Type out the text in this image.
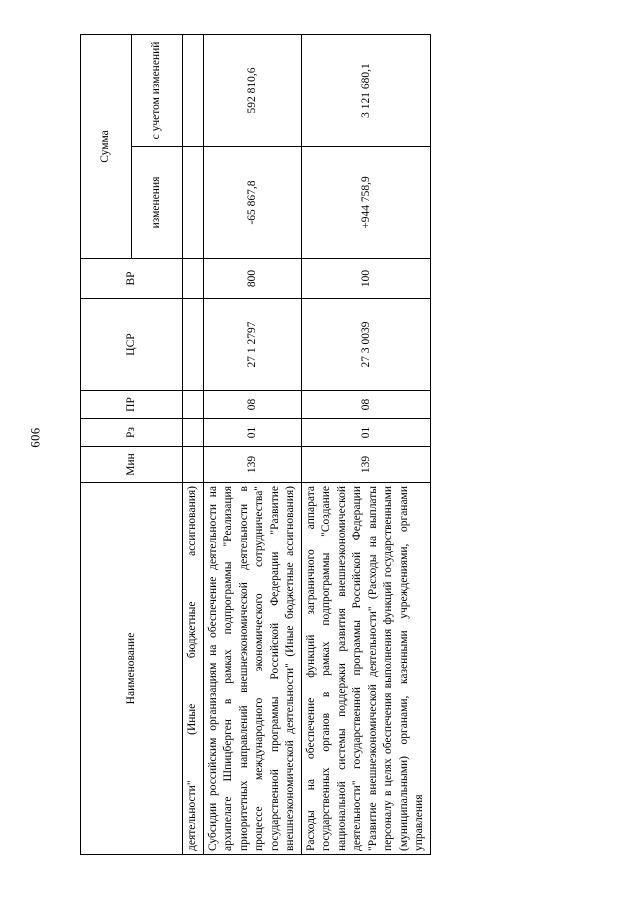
606
Наименование	Мин	Рз	ПР	ЦСР	ВР	Сумма	
						изменения	с учетом изменений
деятельности" (Иные бюджетные ассигнования)							
Субсидии российским организациям на обеспечение деятельности на архипелаге Шпицберген в рамках подпрограммы "Реализация приоритетных направлений внешнеэкономической деятельности в процессе международного экономического сотрудничества" государственной программы Российской Федерации "Развитие внешнеэкономической деятельности" (Иные бюджетные ассигнования)	139	01	08	27 1 2797	800	-65 867,8	592 810,6
Расходы на обеспечение функций заграничного аппарата государственных органов в рамках подпрограммы "Создание национальной системы поддержки развития внешнеэкономической деятельности" государственной программы Российской Федерации "Развитие внешнеэкономической деятельности" (Расходы на выплаты персоналу в целях обеспечения выполнения функций государственными (муниципальными) органами, казенными учреждениями, органами управления	139	01	08	27 3 0039	100	+944 758,9	3 121 680,1
